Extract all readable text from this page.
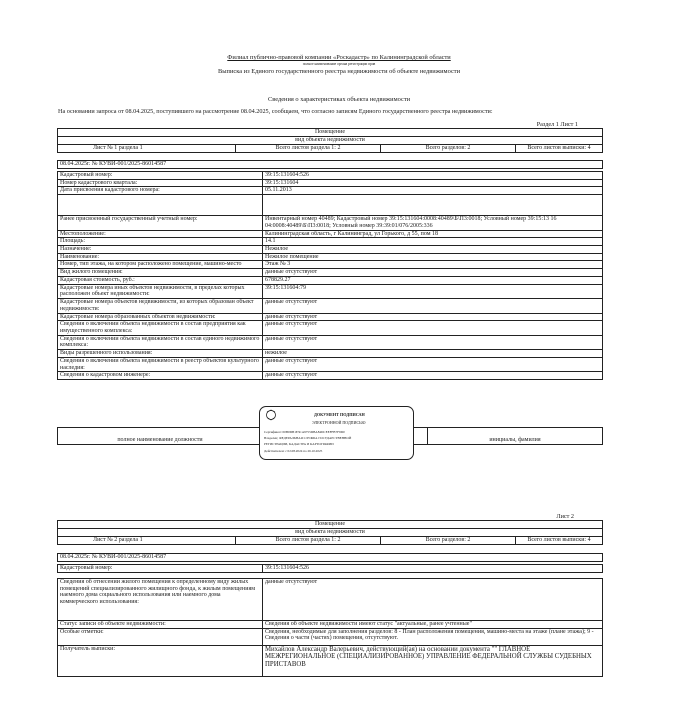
Филиал публично-правовой компании «Роскадастр» по Калининградской области
полное наименование органа регистрации прав
Выписка из Единого государственного реестра недвижимости об объекте недвижимости
Сведения о характеристиках объекта недвижимости
На основании запроса от 08.04.2025, поступившего на рассмотрение 08.04.2025, сообщаем, что согласно записям Единого государственного реестра недвижимости:
Раздел 1 Лист 1
Помещение
вид объекта недвижимости
Лист № 1 раздела 1	Всего листов раздела 1: 2	Всего разделов: 2	Всего листов выписки: 4
08.04.2025г. № КУВИ-001/2025-86014587
Кадастровый номер:	39:15:131604:526
Номер кадастрового квартала:	39:15:131604
Дата присвоения кадастрового номера:	05.11.2013

Ранее присвоенный государственный учетный номер:	Инвентарный номер 40489; Кадастровый номер 39:15:131604:0008:40489\Б\П3:0018; Условный номер 39:15:13 16 04:0008:40489\Б\П3:0018; Условный номер 39:39:01/076/2005:336
Местоположение:	Калининградская область, г Калининград, ул Горького, д 55, пом 18
Площадь:	14.1
Назначение:	Нежилое
Наименование:	Нежилое помещение
Номер, тип этажа, на котором расположено помещение, машино-место	Этаж № 3
Вид жилого помещения:	данные отсутствуют
Кадастровая стоимость, руб.:	678829.27
Кадастровые номера иных объектов недвижимости, в пределах которых расположен объект недвижимости:	39:15:131604:79
Кадастровые номера объектов недвижимости, из которых образован объект недвижимости:	данные отсутствуют
Кадастровые номера образованных объектов недвижимости:	данные отсутствуют
Сведения о включении объекта недвижимости в состав предприятия как имущественного комплекса:	данные отсутствуют
Сведения о включении объекта недвижимости в состав единого недвижимого комплекса:	данные отсутствуют
Виды разрешенного использования:	нежилое
Сведения о включении объекта недвижимости в реестр объектов культурного наследия:	данные отсутствуют
Сведения о кадастровом инженере:	данные отсутствуют
полное наименование должности		инициалы, фамилия
ДОКУМЕНТ ПОДПИСАН
ЭЛЕКТРОННОЙ ПОДПИСЬЮ
Сертификат: 00B0DB1E3CA9755DBA84DCEEFFB7F9D0
Владелец: ФЕДЕРАЛЬНАЯ СЛУЖБА ГОСУДАРСТВЕННОЙ
РЕГИСТРАЦИИ, КАДАСТРА И КАРТОГРАФИИ
Действителен: с 02.08.2024 по 26.10.2025
Лист 2
Помещение
вид объекта недвижимости
Лист № 2 раздела 1	Всего листов раздела 1: 2	Всего разделов: 2	Всего листов выписки: 4
08.04.2025г. № КУВИ-001/2025-86014587
Кадастровый номер:	39:15:131604:526
Сведения об отнесении жилого помещения к определенному виду жилых помещений специализированного жилищного фонда, к жилым помещениям наемного дома социального использования или наемного дома коммерческого использования:	данные отсутствуют
Статус записи об объекте недвижимости:	Сведения об объекте недвижимости имеют статус "актуальные, ранее учтенные"
Особые отметки:	Сведения, необходимые для заполнения разделов: 8 - План расположения помещения, машино-места на этаже (плане этажа); 9 - Сведения о части (частях) помещения, отсутствуют.
Получатель выписки:	Михайлов Александр Валерьевич, действующий(ая) на основании документа "" ГЛАВНОЕ МЕЖРЕГИОНАЛЬНОЕ (СПЕЦИАЛИЗИРОВАННОЕ) УПРАВЛЕНИЕ ФЕДЕРАЛЬНОЙ СЛУЖБЫ СУДЕБНЫХ ПРИСТАВОВ
